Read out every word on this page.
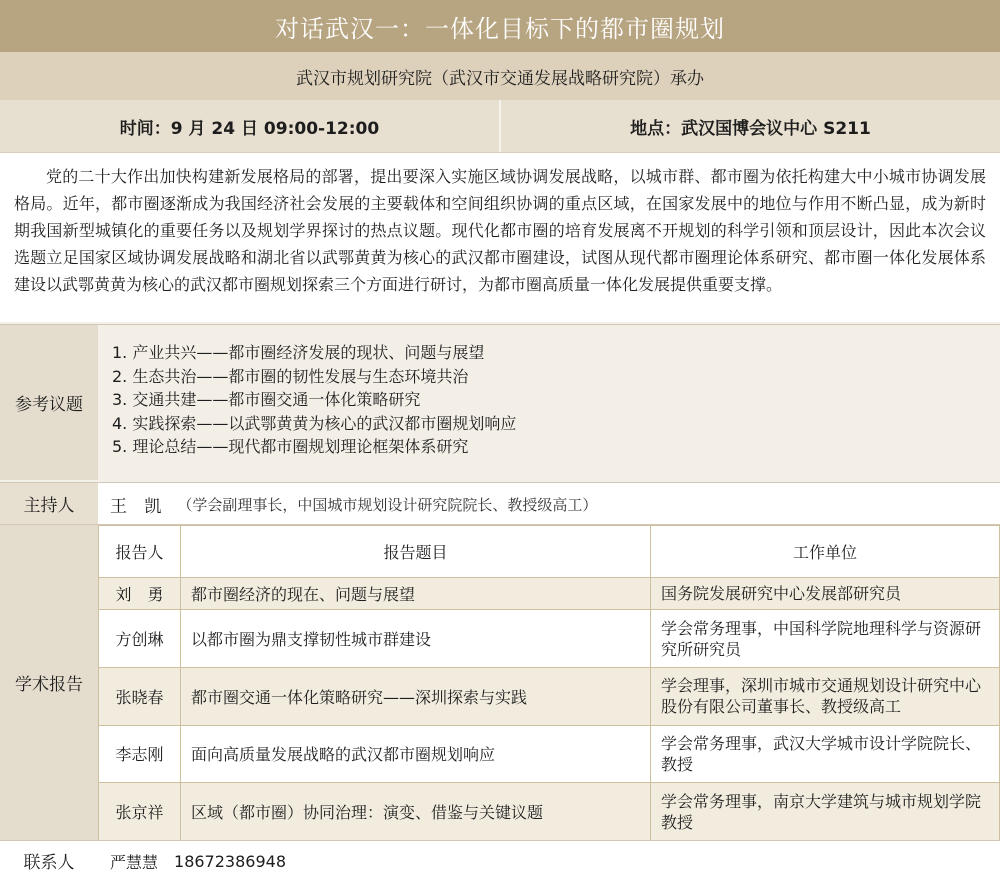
对话武汉一：一体化目标下的都市圈规划
武汉市规划研究院（武汉市交通发展战略研究院）承办
时间：9 月 24 日 09:00-12:00	地点：武汉国博会议中心 S211
党的二十大作出加快构建新发展格局的部署，提出要深入实施区域协调发展战略，以城市群、都市圈为依托构建大中小城市协调发展格局。近年，都市圈逐渐成为我国经济社会发展的主要载体和空间组织协调的重点区域，在国家发展中的地位与作用不断凸显，成为新时期我国新型城镇化的重要任务以及规划学界探讨的热点议题。现代化都市圈的培育发展离不开规划的科学引领和顶层设计，因此本次会议选题立足国家区域协调发展战略和湖北省以武鄂黄黄为核心的武汉都市圈建设，试图从现代都市圈理论体系研究、都市圈一体化发展体系建设以武鄂黄黄为核心的武汉都市圈规划探索三个方面进行研讨，为都市圈高质量一体化发展提供重要支撑。
参考议题
1. 产业共兴——都市圈经济发展的现状、问题与展望
2. 生态共治——都市圈的韧性发展与生态环境共治
3. 交通共建——都市圈交通一体化策略研究
4. 实践探索——以武鄂黄黄为核心的武汉都市圈规划响应
5. 理论总结——现代都市圈规划理论框架体系研究
主持人	王 凯 （学会副理事长，中国城市规划设计研究院院长、教授级高工）
学术报告
报告人	报告题目	工作单位
刘　勇	都市圈经济的现在、问题与展望	国务院发展研究中心发展部研究员
方创琳	以都市圈为鼎支撑韧性城市群建设	学会常务理事，中国科学院地理科学与资源研究所研究员
张晓春	都市圈交通一体化策略研究——深圳探索与实践	学会理事，深圳市城市交通规划设计研究中心股份有限公司董事长、教授级高工
李志刚	面向高质量发展战略的武汉都市圈规划响应	学会常务理事，武汉大学城市设计学院院长、教授
张京祥	区域（都市圈）协同治理：演变、借鉴与关键议题	学会常务理事，南京大学建筑与城市规划学院教授
联系人	严慧慧 18672386948
